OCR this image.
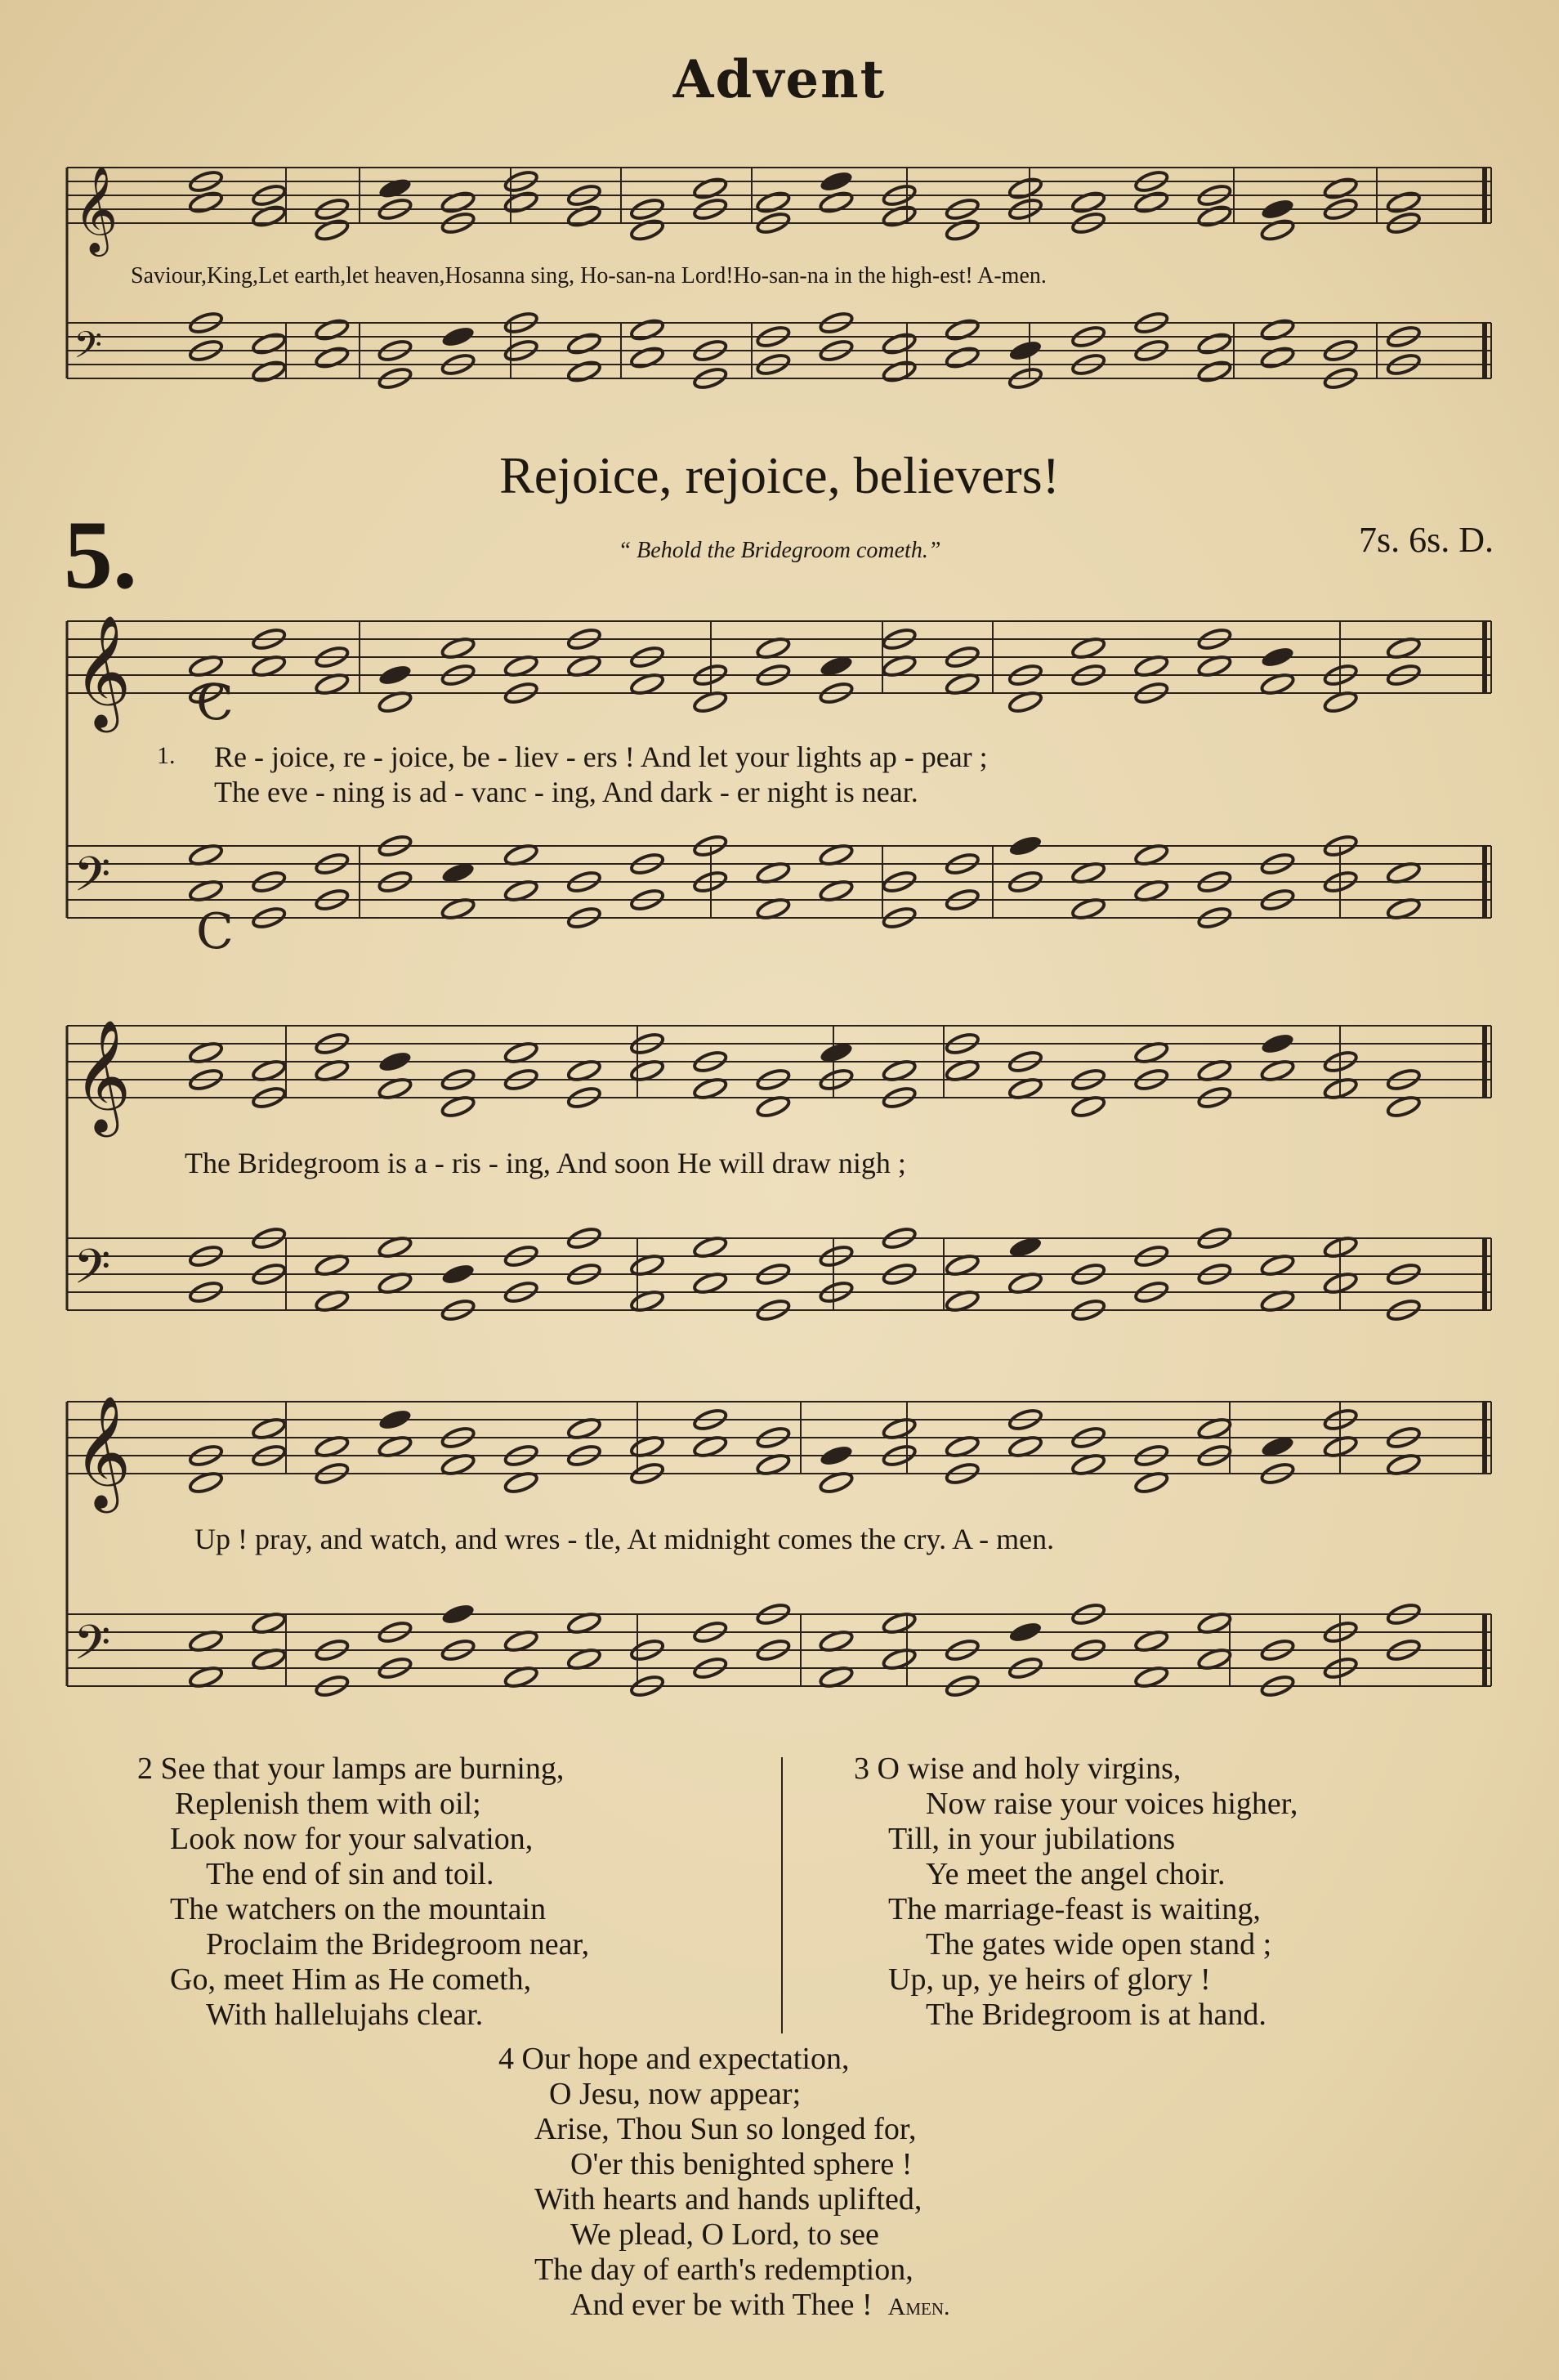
Advent
𝄞
𝄢
𝄞
𝄢
𝄞
𝄢
𝄞
𝄢
C
C
Saviour,King,Let earth,let heaven,Hosanna sing, Ho-san-na Lord!Ho-san-na in the high-est! A-men.
Rejoice, rejoice, believers!
5.	“ Behold the Bridegroom cometh.”	7s. 6s. D.
1. Re - joice, re - joice, be - liev - ers ! And let your lights ap - pear ;
The eve - ning is ad - vanc - ing, And dark - er night is near.
The Bridegroom is a - ris - ing, And soon He will draw nigh ;
Up ! pray, and watch, and wres - tle, At midnight comes the cry. A - men.
2 See that your lamps are burning,
Replenish them with oil;
Look now for your salvation,
The end of sin and toil.
The watchers on the mountain
Proclaim the Bridegroom near,
Go, meet Him as He cometh,
With hallelujahs clear.
3 O wise and holy virgins,
Now raise your voices higher,
Till, in your jubilations
Ye meet the angel choir.
The marriage-feast is waiting,
The gates wide open stand ;
Up, up, ye heirs of glory !
The Bridegroom is at hand.
4 Our hope and expectation,
O Jesu, now appear;
Arise, Thou Sun so longed for,
O'er this benighted sphere !
With hearts and hands uplifted,
We plead, O Lord, to see
The day of earth's redemption,
And ever be with Thee ! Amen.
